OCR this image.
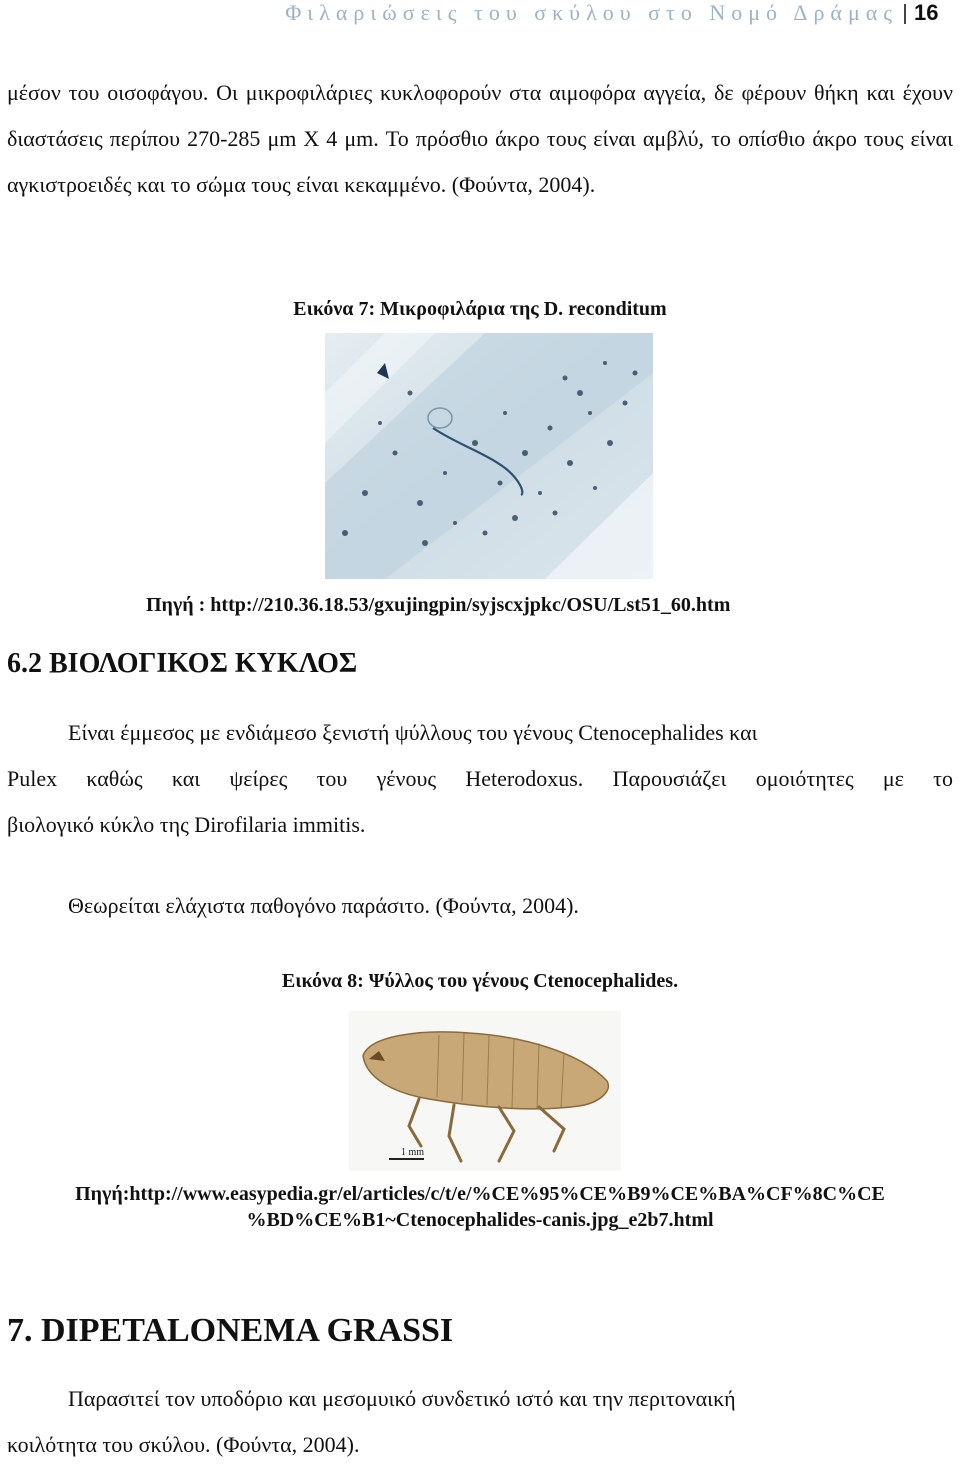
Φιλαριώσεις του σκύλου στο Νομό Δράμας 16

μέσον του οισοφάγου. Οι μικροφιλάριες κυκλοφορούν στα αιμοφόρα αγγεία, δε φέρουν θήκη και έχουν διαστάσεις περίπου 270-285 μm Χ 4 μm. Το πρόσθιο άκρο τους είναι αμβλύ, το οπίσθιο άκρο τους είναι αγκιστροειδές και το σώμα τους είναι κεκαμμένο. (Φούντα, 2004).

Εικόνα 7: Μικροφιλάρια της D. reconditum

Πηγή : http://210.36.18.53/gxujingpin/syjscxjpkc/OSU/Lst51_60.htm

6.2 ΒΙΟΛΟΓΙΚΟΣ ΚΥΚΛΟΣ

Είναι έμμεσος με ενδιάμεσο ξενιστή ψύλλους του γένους Ctenocephalides και

Pulex καθώς και ψείρες του γένους Heterodoxus. Παρουσιάζει ομοιότητες με το

βιολογικό κύκλο της Dirofilaria immitis.

Θεωρείται ελάχιστα παθογόνο παράσιτο. (Φούντα, 2004).

Εικόνα 8: Ψύλλος του γένους Ctenocephalides.

1 mm

Πηγή:http://www.easypedia.gr/el/articles/c/t/e/%CE%95%CE%B9%CE%BA%CF%8C%CE

%BD%CE%B1~Ctenocephalides-canis.jpg_e2b7.html

7. DIPETALONEMA GRASSI

Παρασιτεί τον υποδόριο και μεσομυικό συνδετικό ιστό και την περιτοναική

κοιλότητα του σκύλου. (Φούντα, 2004).
